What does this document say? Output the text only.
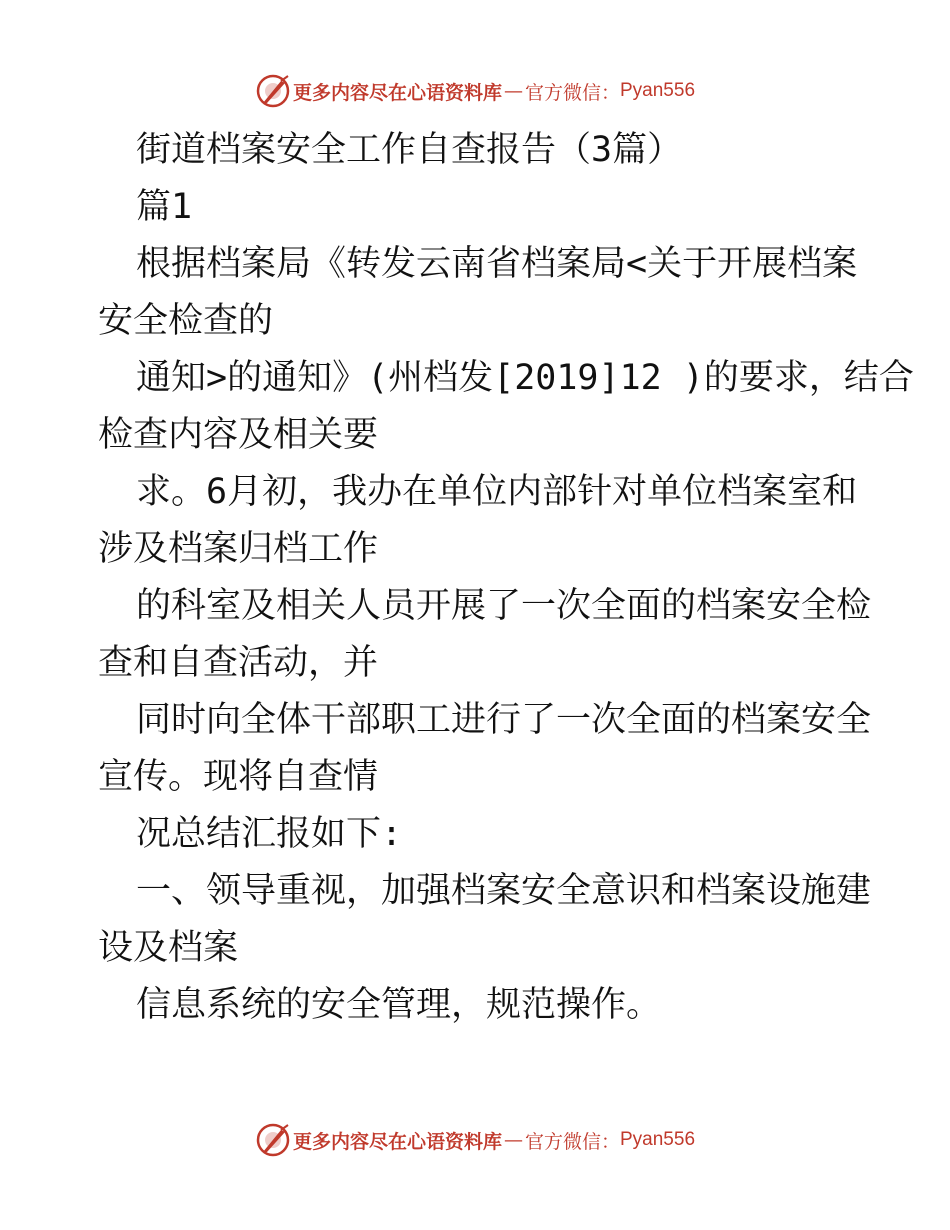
更多内容尽在心语资料库 — 官方微信： Pyan556
街道档案安全工作自查报告（3篇）
篇1
根据档案局《转发云南省档案局<关于开展档案
安全检查的
通知>的通知》(州档发[2019]12 )的要求，结合
检查内容及相关要
求。6月初，我办在单位内部针对单位档案室和
涉及档案归档工作
的科室及相关人员开展了一次全面的档案安全检
查和自查活动，并
同时向全体干部职工进行了一次全面的档案安全
宣传。现将自查情
况总结汇报如下:
一、领导重视，加强档案安全意识和档案设施建
设及档案
信息系统的安全管理，规范操作。
更多内容尽在心语资料库 — 官方微信： Pyan556
